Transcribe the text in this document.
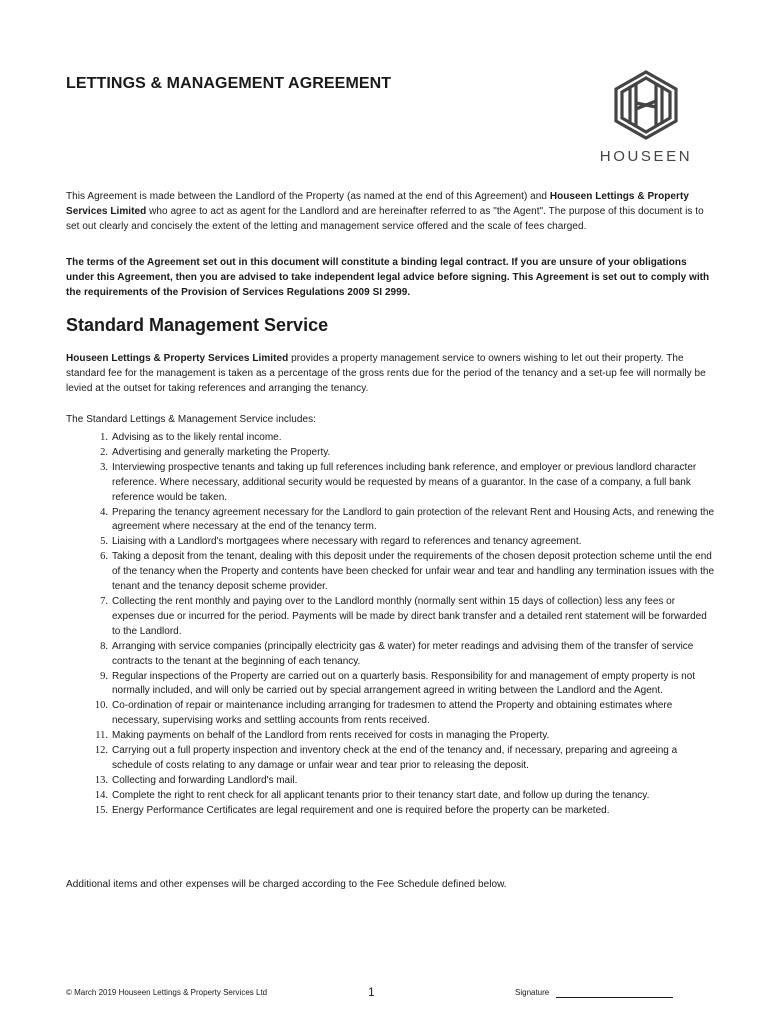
LETTINGS & MANAGEMENT AGREEMENT
HOUSEEN
This Agreement is made between the Landlord of the Property (as named at the end of this Agreement) and Houseen Lettings & Property Services Limited who agree to act as agent for the Landlord and are hereinafter referred to as "the Agent". The purpose of this document is to set out clearly and concisely the extent of the letting and management service offered and the scale of fees charged.
The terms of the Agreement set out in this document will constitute a binding legal contract. If you are unsure of your obligations under this Agreement, then you are advised to take independent legal advice before signing. This Agreement is set out to comply with the requirements of the Provision of Services Regulations 2009 SI 2999.
Standard Management Service
Houseen Lettings & Property Services Limited provides a property management service to owners wishing to let out their property. The standard fee for the management is taken as a percentage of the gross rents due for the period of the tenancy and a set-up fee will normally be levied at the outset for taking references and arranging the tenancy.
The Standard Lettings & Management Service includes:
1. Advising as to the likely rental income.
2. Advertising and generally marketing the Property.
3. Interviewing prospective tenants and taking up full references including bank reference, and employer or previous landlord character reference. Where necessary, additional security would be requested by means of a guarantor. In the case of a company, a full bank reference would be taken.
4. Preparing the tenancy agreement necessary for the Landlord to gain protection of the relevant Rent and Housing Acts, and renewing the agreement where necessary at the end of the tenancy term.
5. Liaising with a Landlord's mortgagees where necessary with regard to references and tenancy agreement.
6. Taking a deposit from the tenant, dealing with this deposit under the requirements of the chosen deposit protection scheme until the end of the tenancy when the Property and contents have been checked for unfair wear and tear and handling any termination issues with the tenant and the tenancy deposit scheme provider.
7. Collecting the rent monthly and paying over to the Landlord monthly (normally sent within 15 days of collection) less any fees or expenses due or incurred for the period. Payments will be made by direct bank transfer and a detailed rent statement will be forwarded to the Landlord.
8. Arranging with service companies (principally electricity gas & water) for meter readings and advising them of the transfer of service contracts to the tenant at the beginning of each tenancy.
9. Regular inspections of the Property are carried out on a quarterly basis. Responsibility for and management of empty property is not normally included, and will only be carried out by special arrangement agreed in writing between the Landlord and the Agent.
10. Co-ordination of repair or maintenance including arranging for tradesmen to attend the Property and obtaining estimates where necessary, supervising works and settling accounts from rents received.
11. Making payments on behalf of the Landlord from rents received for costs in managing the Property.
12. Carrying out a full property inspection and inventory check at the end of the tenancy and, if necessary, preparing and agreeing a schedule of costs relating to any damage or unfair wear and tear prior to releasing the deposit.
13. Collecting and forwarding Landlord's mail.
14. Complete the right to rent check for all applicant tenants prior to their tenancy start date, and follow up during the tenancy.
15. Energy Performance Certificates are legal requirement and one is required before the property can be marketed.
Additional items and other expenses will be charged according to the Fee Schedule defined below.
© March 2019 Houseen Lettings & Property Services Ltd	1	Signature
